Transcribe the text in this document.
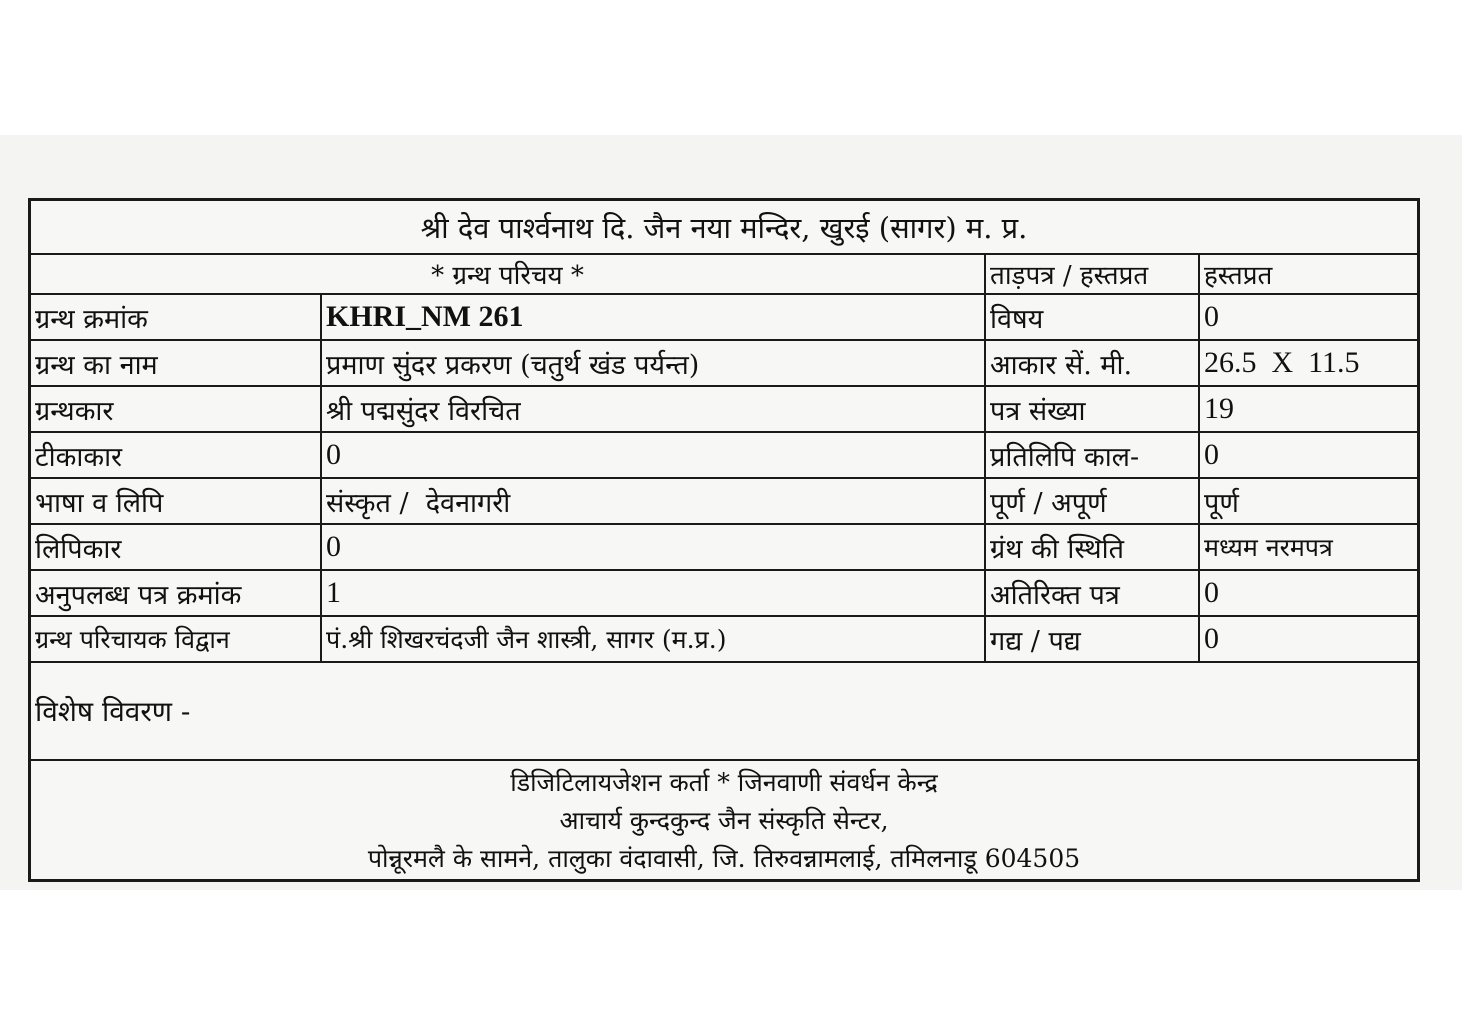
श्री देव पार्श्वनाथ दि. जैन नया मन्दिर, खुरई (सागर) म. प्र.			
* ग्रन्थ परिचय *		ताड़पत्र / हस्तप्रत	हस्तप्रत
ग्रन्थ क्रमांक	KHRI_NM 261	विषय	0
ग्रन्थ का नाम	प्रमाण सुंदर प्रकरण (चतुर्थ खंड पर्यन्त)	आकार सें. मी.	26.5  X  11.5
ग्रन्थकार	श्री पद्मसुंदर विरचित	पत्र संख्या	19
टीकाकार	0	प्रतिलिपि काल-	0
भाषा व लिपि	संस्कृत /  देवनागरी	पूर्ण / अपूर्ण	पूर्ण
लिपिकार	0	ग्रंथ की स्थिति	मध्यम नरमपत्र
अनुपलब्ध पत्र क्रमांक	1	अतिरिक्त पत्र	0
ग्रन्थ परिचायक विद्वान	पं.श्री शिखरचंदजी जैन शास्त्री, सागर (म.प्र.)	गद्य / पद्य	0
विशेष विवरण -			

डिजिटिलायजेशन कर्ता * जिनवाणी संवर्धन केन्द्र
आचार्य कुन्दकुन्द जैन संस्कृति सेन्टर,
पोन्नूरमलै के सामने, तालुका वंदावासी, जि. तिरुवन्नामलाई, तमिलनाडू 604505			
